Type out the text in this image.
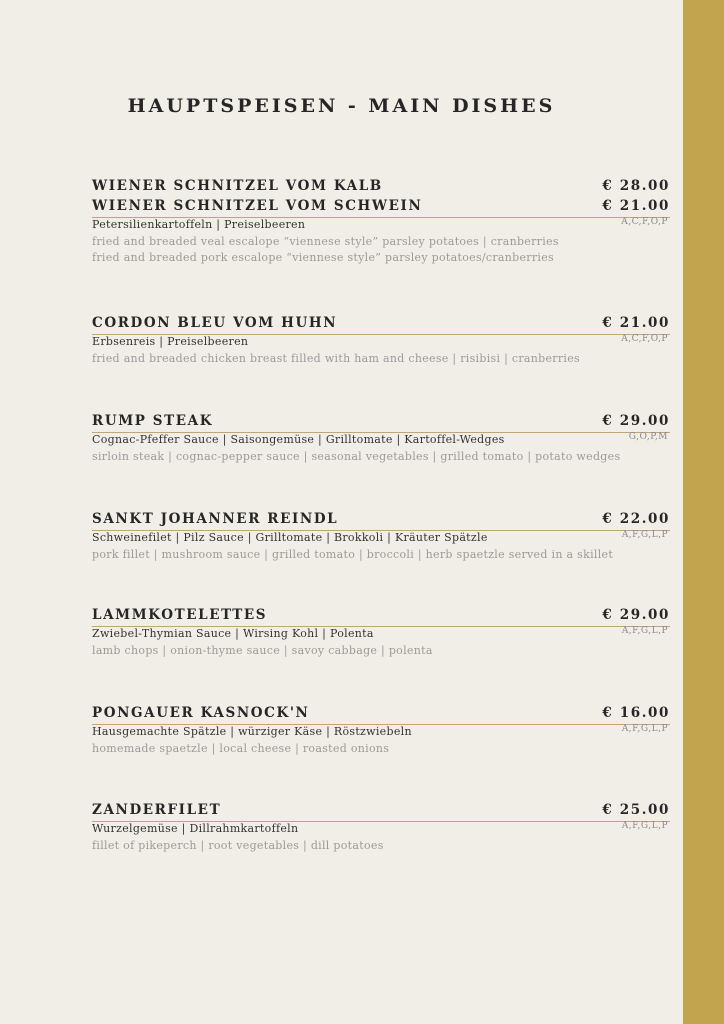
HAUPTSPEISEN - MAIN DISHES
WIENER SCHNITZEL VOM KALB	€ 28.00
WIENER SCHNITZEL VOM SCHWEIN	€ 21.00
Petersilienkartoffeln | Preiselbeeren	A,C,F,O,P
fried and breaded veal escalope “viennese style” parsley potatoes | cranberries
fried and breaded pork escalope “viennese style” parsley potatoes/cranberries
CORDON BLEU VOM HUHN	€ 21.00
Erbsenreis | Preiselbeeren	A,C,F,O,P
fried and breaded chicken breast filled with ham and cheese | risibisi | cranberries
RUMP STEAK	€ 29.00
Cognac-Pfeffer Sauce | Saisongemüse | Grilltomate | Kartoffel-Wedges	G,O,P,M
sirloin steak | cognac-pepper sauce | seasonal vegetables | grilled tomato | potato wedges
SANKT JOHANNER REINDL	€ 22.00
Schweinefilet | Pilz Sauce | Grilltomate | Brokkoli | Kräuter Spätzle	A,F,G,L,P
pork fillet | mushroom sauce | grilled tomato | broccoli | herb spaetzle served in a skillet
LAMMKOTELETTES	€ 29.00
Zwiebel-Thymian Sauce | Wirsing Kohl | Polenta	A,F,G,L,P
lamb chops | onion-thyme sauce | savoy cabbage | polenta
PONGAUER KASNOCK'N	€ 16.00
Hausgemachte Spätzle | würziger Käse | Röstzwiebeln	A,F,G,L,P
homemade spaetzle | local cheese | roasted onions
ZANDERFILET	€ 25.00
Wurzelgemüse | Dillrahmkartoffeln	A,F,G,L,P
fillet of pikeperch | root vegetables | dill potatoes
